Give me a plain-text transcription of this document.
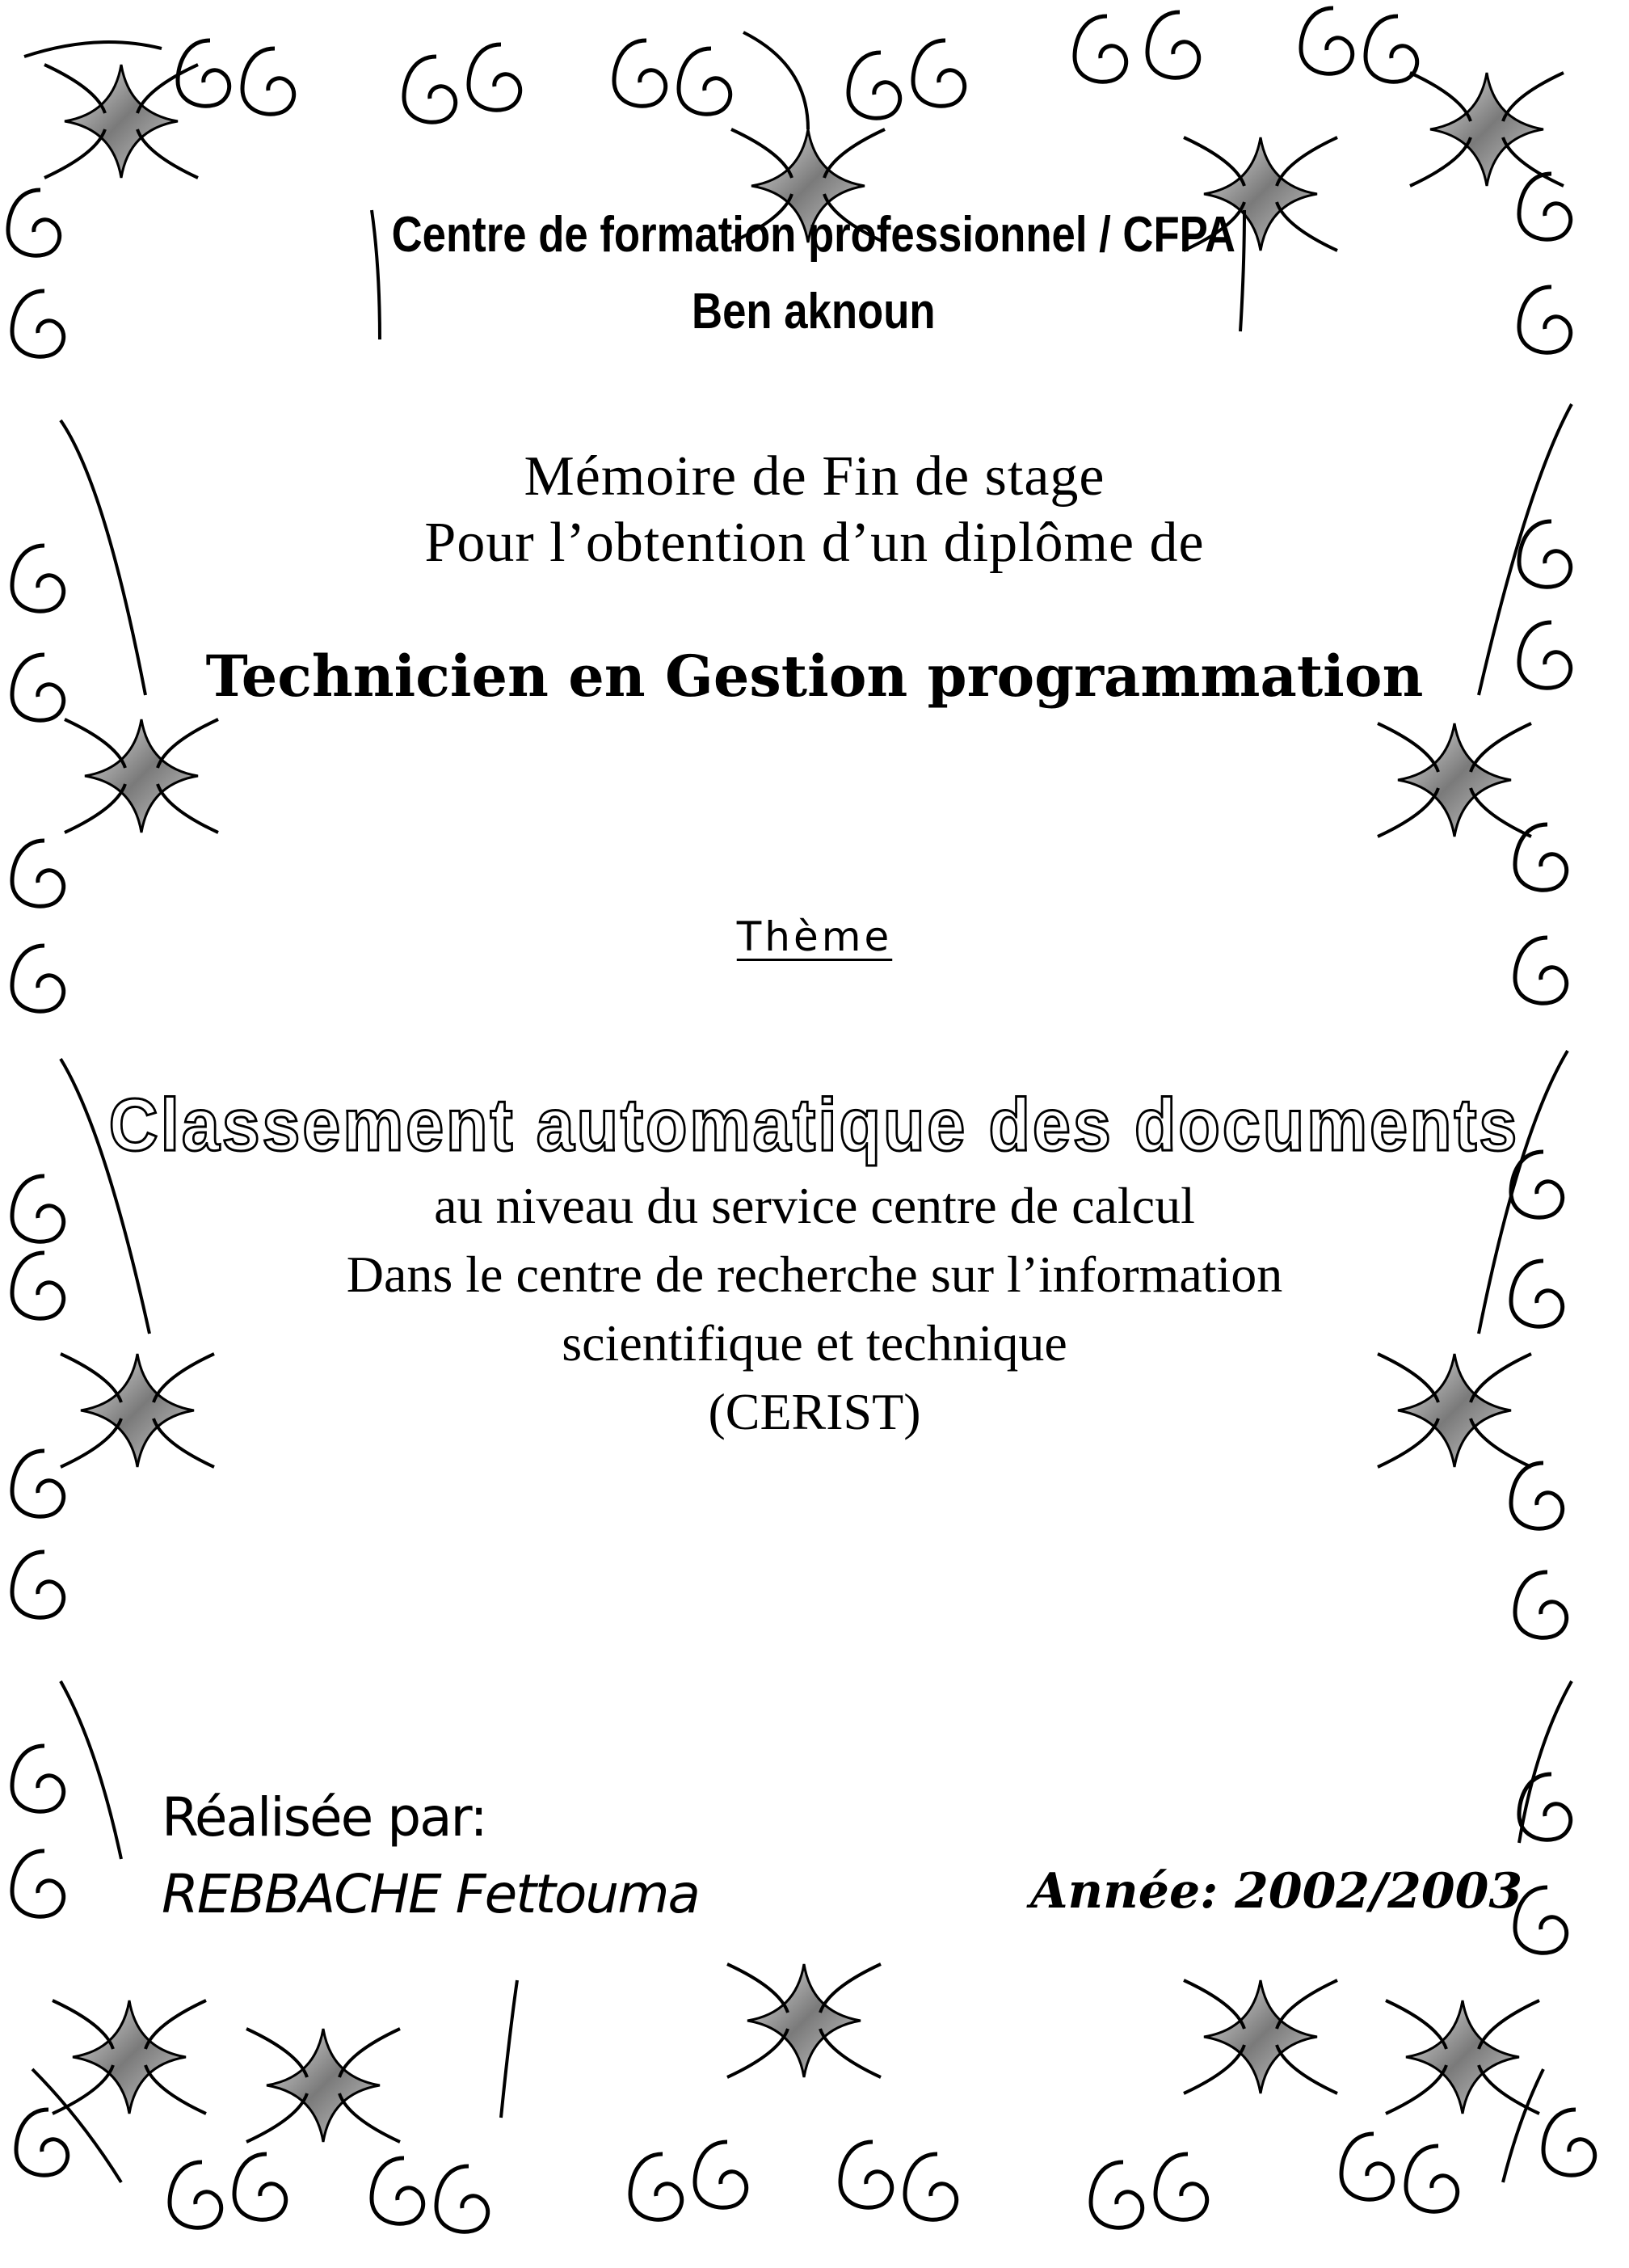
Centre de formation professionnel / CFPA

Ben aknoun

Mémoire de Fin de stage

Pour l’obtention d’un diplôme de

Technicien en Gestion programmation

Thème

Classement automatique des documents

au niveau du service centre de calcul

Dans le centre de recherche sur l’information

scientifique et technique

(CERIST)

Réalisée par:

REBBACHE Fettouma	Année: 2002/2003
